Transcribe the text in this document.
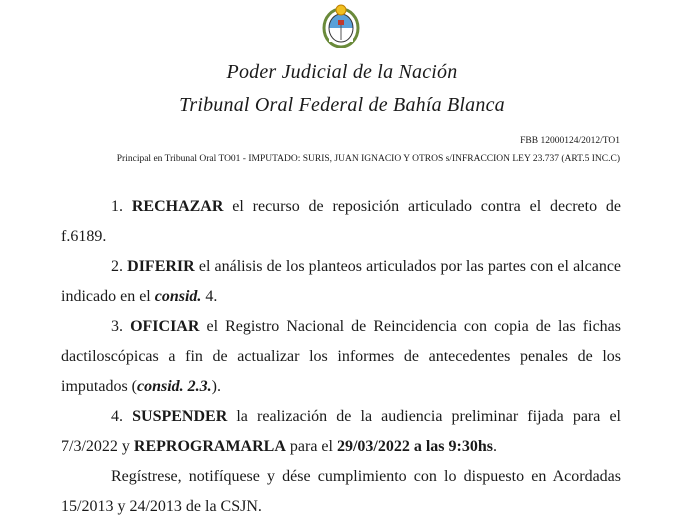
Poder Judicial de la Nación
Tribunal Oral Federal de Bahía Blanca
FBB 12000124/2012/TO1
Principal en Tribunal Oral TO01 - IMPUTADO: SURIS, JUAN IGNACIO Y OTROS s/INFRACCION LEY 23.737 (ART.5 INC.C)

1. RECHAZAR el recurso de reposición articulado contra el decreto de f.6189.

2. DIFERIR el análisis de los planteos articulados por las partes con el alcance indicado en el consid. 4.

3. OFICIAR el Registro Nacional de Reincidencia con copia de las fichas dactiloscópicas a fin de actualizar los informes de antecedentes penales de los imputados (consid. 2.3.).

4. SUSPENDER la realización de la audiencia preliminar fijada para el 7/3/2022 y REPROGRAMARLA para el 29/03/2022 a las 9:30hs.

Regístrese, notifíquese y dése cumplimiento con lo dispuesto en Acordadas 15/2013 y 24/2013 de la CSJN.
